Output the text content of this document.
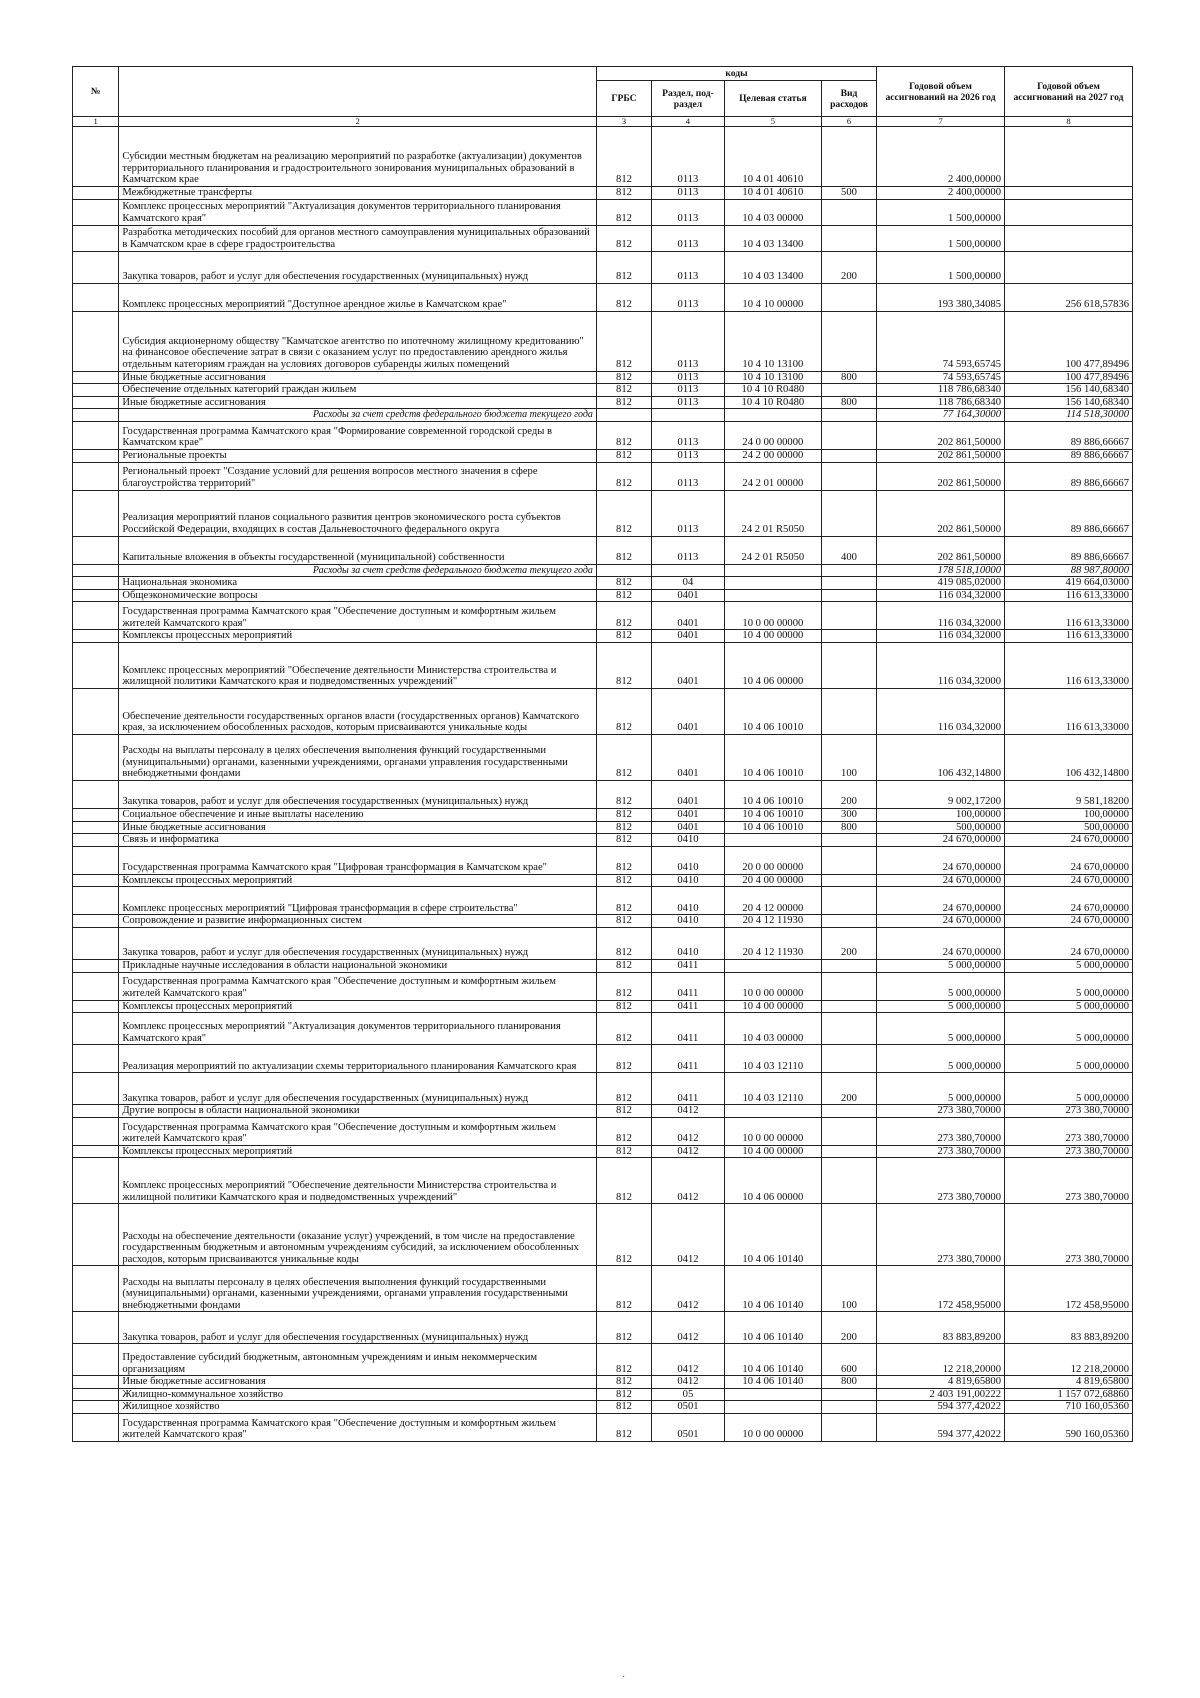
№		коды				Годовой объем ассигнований на 2026 год	Годовой объем ассигнований на 2027 год
		ГРБС	Раздел, под-раздел	Целевая статья	Вид расходов		
1	2	3	4	5	6	7	8
	Субсидии местным бюджетам на реализацию мероприятий по разработке (актуализации) документов территориального планирования и градостроительного зонирования муниципальных образований в Камчатском крае	812	0113	10 4 01 40610		2 400,00000	
	Межбюджетные трансферты	812	0113	10 4 01 40610	500	2 400,00000	
	Комплекс процессных мероприятий "Актуализация документов территориального планирования Камчатского края"	812	0113	10 4 03 00000		1 500,00000	
	Разработка методических пособий для органов местного самоуправления муниципальных образований в Камчатском крае в сфере градостроительства	812	0113	10 4 03 13400		1 500,00000	
	Закупка товаров, работ и услуг для обеспечения государственных (муниципальных) нужд	812	0113	10 4 03 13400	200	1 500,00000	
	Комплекс процессных мероприятий "Доступное арендное жилье в Камчатском крае"	812	0113	10 4 10 00000		193 380,34085	256 618,57836
	Субсидия акционерному обществу "Камчатское агентство по ипотечному жилищному кредитованию" на финансовое обеспечение затрат в связи с оказанием услуг по предоставлению арендного жилья отдельным категориям граждан на условиях договоров субаренды жилых помещений	812	0113	10 4 10 13100		74 593,65745	100 477,89496
	Иные бюджетные ассигнования	812	0113	10 4 10 13100	800	74 593,65745	100 477,89496
	Обеспечение отдельных категорий граждан жильем	812	0113	10 4 10 R0480		118 786,68340	156 140,68340
	Иные бюджетные ассигнования	812	0113	10 4 10 R0480	800	118 786,68340	156 140,68340
	Расходы за счет средств федерального бюджета текущего года					77 164,30000	114 518,30000
	Государственная программа Камчатского края "Формирование современной городской среды в Камчатском крае"	812	0113	24 0 00 00000		202 861,50000	89 886,66667
	Региональные проекты	812	0113	24 2 00 00000		202 861,50000	89 886,66667
	Региональный проект "Создание условий для решения вопросов местного значения в сфере благоустройства территорий"	812	0113	24 2 01 00000		202 861,50000	89 886,66667
	Реализация мероприятий планов социального развития центров экономического роста субъектов Российской Федерации, входящих в состав Дальневосточного федерального округа	812	0113	24 2 01 R5050		202 861,50000	89 886,66667
	Капитальные вложения в объекты государственной (муниципальной) собственности	812	0113	24 2 01 R5050	400	202 861,50000	89 886,66667
	Расходы за счет средств федерального бюджета текущего года					178 518,10000	88 987,80000
	Национальная экономика	812	04			419 085,02000	419 664,03000
	Общеэкономические вопросы	812	0401			116 034,32000	116 613,33000
	Государственная программа Камчатского края "Обеспечение доступным и комфортным жильем жителей Камчатского края"	812	0401	10 0 00 00000		116 034,32000	116 613,33000
	Комплексы процессных мероприятий	812	0401	10 4 00 00000		116 034,32000	116 613,33000
	Комплекс процессных мероприятий "Обеспечение деятельности Министерства строительства и жилищной политики Камчатского края и подведомственных учреждений"	812	0401	10 4 06 00000		116 034,32000	116 613,33000
	Обеспечение деятельности государственных органов власти (государственных органов) Камчатского края, за исключением обособленных расходов, которым присваиваются уникальные коды	812	0401	10 4 06 10010		116 034,32000	116 613,33000
	Расходы на выплаты персоналу в целях обеспечения выполнения функций государственными (муниципальными) органами, казенными учреждениями, органами управления государственными внебюджетными фондами	812	0401	10 4 06 10010	100	106 432,14800	106 432,14800
	Закупка товаров, работ и услуг для обеспечения государственных (муниципальных) нужд	812	0401	10 4 06 10010	200	9 002,17200	9 581,18200
	Социальное обеспечение и иные выплаты населению	812	0401	10 4 06 10010	300	100,00000	100,00000
	Иные бюджетные ассигнования	812	0401	10 4 06 10010	800	500,00000	500,00000
	Связь и информатика	812	0410			24 670,00000	24 670,00000
	Государственная программа Камчатского края "Цифровая трансформация в Камчатском крае"	812	0410	20 0 00 00000		24 670,00000	24 670,00000
	Комплексы процессных мероприятий	812	0410	20 4 00 00000		24 670,00000	24 670,00000
	Комплекс процессных мероприятий "Цифровая трансформация в сфере строительства"	812	0410	20 4 12 00000		24 670,00000	24 670,00000
	Сопровождение и развитие информационных систем	812	0410	20 4 12 11930		24 670,00000	24 670,00000
	Закупка товаров, работ и услуг для обеспечения государственных (муниципальных) нужд	812	0410	20 4 12 11930	200	24 670,00000	24 670,00000
	Прикладные научные исследования в области национальной экономики	812	0411			5 000,00000	5 000,00000
	Государственная программа Камчатского края "Обеспечение доступным и комфортным жильем жителей Камчатского края"	812	0411	10 0 00 00000		5 000,00000	5 000,00000
	Комплексы процессных мероприятий	812	0411	10 4 00 00000		5 000,00000	5 000,00000
	Комплекс процессных мероприятий "Актуализация документов территориального планирования Камчатского края"	812	0411	10 4 03 00000		5 000,00000	5 000,00000
	Реализация мероприятий по актуализации схемы территориального планирования Камчатского края	812	0411	10 4 03 12110		5 000,00000	5 000,00000
	Закупка товаров, работ и услуг для обеспечения государственных (муниципальных) нужд	812	0411	10 4 03 12110	200	5 000,00000	5 000,00000
	Другие вопросы в области национальной экономики	812	0412			273 380,70000	273 380,70000
	Государственная программа Камчатского края "Обеспечение доступным и комфортным жильем жителей Камчатского края"	812	0412	10 0 00 00000		273 380,70000	273 380,70000
	Комплексы процессных мероприятий	812	0412	10 4 00 00000		273 380,70000	273 380,70000
	Комплекс процессных мероприятий "Обеспечение деятельности Министерства строительства и жилищной политики Камчатского края и подведомственных учреждений"	812	0412	10 4 06 00000		273 380,70000	273 380,70000
	Расходы на обеспечение деятельности (оказание услуг) учреждений, в том числе на предоставление государственным бюджетным и автономным учреждениям субсидий, за исключением обособленных расходов, которым присваиваются уникальные коды	812	0412	10 4 06 10140		273 380,70000	273 380,70000
	Расходы на выплаты персоналу в целях обеспечения выполнения функций государственными (муниципальными) органами, казенными учреждениями, органами управления государственными внебюджетными фондами	812	0412	10 4 06 10140	100	172 458,95000	172 458,95000
	Закупка товаров, работ и услуг для обеспечения государственных (муниципальных) нужд	812	0412	10 4 06 10140	200	83 883,89200	83 883,89200
	Предоставление субсидий бюджетным, автономным учреждениям и иным некоммерческим организациям	812	0412	10 4 06 10140	600	12 218,20000	12 218,20000
	Иные бюджетные ассигнования	812	0412	10 4 06 10140	800	4 819,65800	4 819,65800
	Жилищно-коммунальное хозяйство	812	05			2 403 191,00222	1 157 072,68860
	Жилищное хозяйство	812	0501			594 377,42022	710 160,05360
	Государственная программа Камчатского края "Обеспечение доступным и комфортным жильем жителей Камчатского края"	812	0501	10 0 00 00000		594 377,42022	590 160,05360
·
